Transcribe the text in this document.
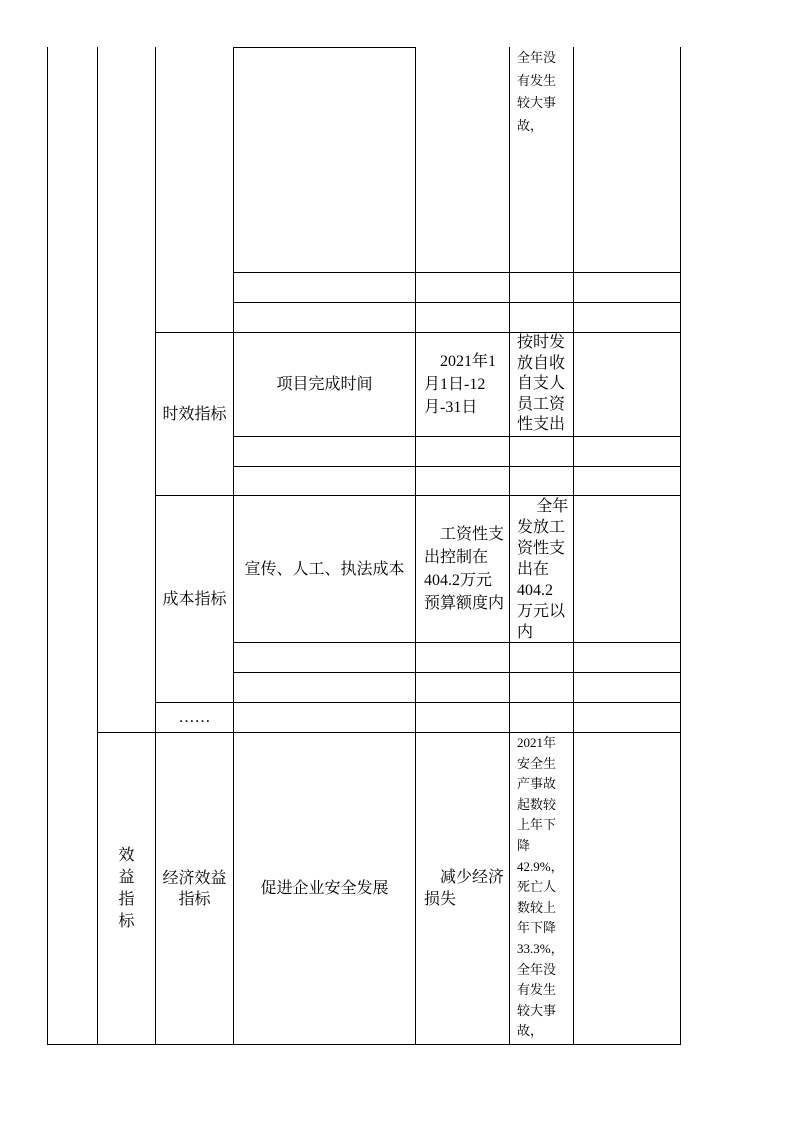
效
益
指
标
时效指标
成本指标
……
经济效益
指标
项目完成时间
宣传、人工、执法成本
促进企业安全发展
2021年1
月1日-12
月-31日
工资性支
出控制在
404.2万元
预算额度内
减少经济
损失
全年没
有发生
较大事
故，
按时发
放自收
自支人
员工资
性支出
全年
发放工
资性支
出在
404.2
万元以
内
2021年
安全生
产事故
起数较
上年下
降
42.9%，
死亡人
数较上
年下降
33.3%，
全年没
有发生
较大事
故，
